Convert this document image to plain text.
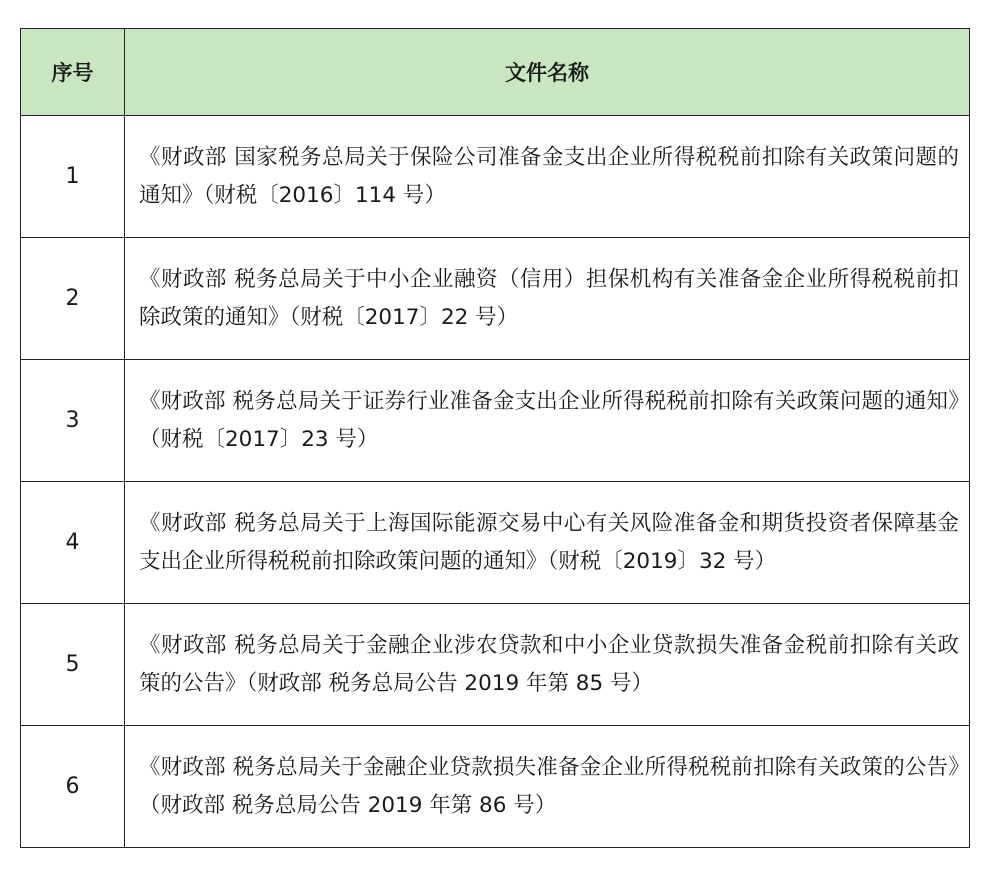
序号	文件名称
1	《财政部 国家税务总局关于保险公司准备金支出企业所得税税前扣除有关政策问题的通知》（财税〔2016〕114 号）
2	《财政部 税务总局关于中小企业融资（信用）担保机构有关准备金企业所得税税前扣除政策的通知》（财税〔2017〕22 号）
3	《财政部 税务总局关于证券行业准备金支出企业所得税税前扣除有关政策问题的通知》（财税〔2017〕23 号）
4	《财政部 税务总局关于上海国际能源交易中心有关风险准备金和期货投资者保障基金支出企业所得税税前扣除政策问题的通知》（财税〔2019〕32 号）
5	《财政部 税务总局关于金融企业涉农贷款和中小企业贷款损失准备金税前扣除有关政策的公告》（财政部 税务总局公告 2019 年第 85 号）
6	《财政部 税务总局关于金融企业贷款损失准备金企业所得税税前扣除有关政策的公告》（财政部 税务总局公告 2019 年第 86 号）
